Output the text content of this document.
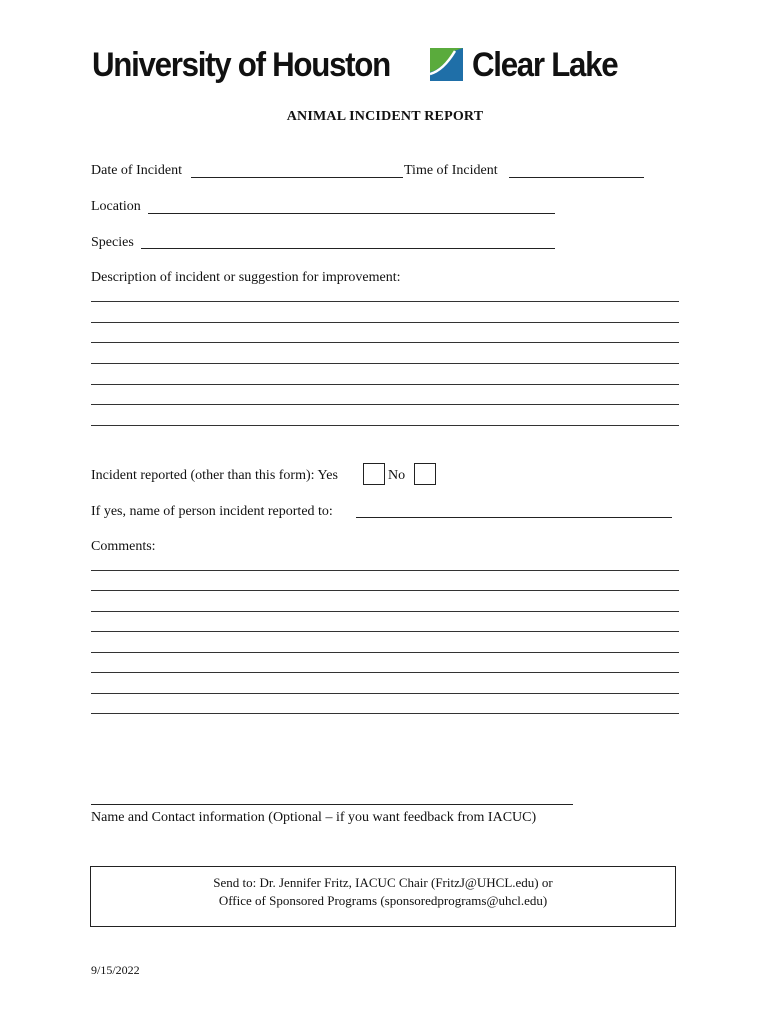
University of Houston Clear Lake
ANIMAL INCIDENT REPORT
Date of Incident	Time of Incident
Location
Species
Description of incident or suggestion for improvement:
Incident reported (other than this form): Yes	No
If yes, name of person incident reported to:
Comments:
Name and Contact information (Optional – if you want feedback from IACUC)
Send to: Dr. Jennifer Fritz, IACUC Chair (FritzJ@UHCL.edu) or
Office of Sponsored Programs (sponsoredprograms@uhcl.edu)
9/15/2022
